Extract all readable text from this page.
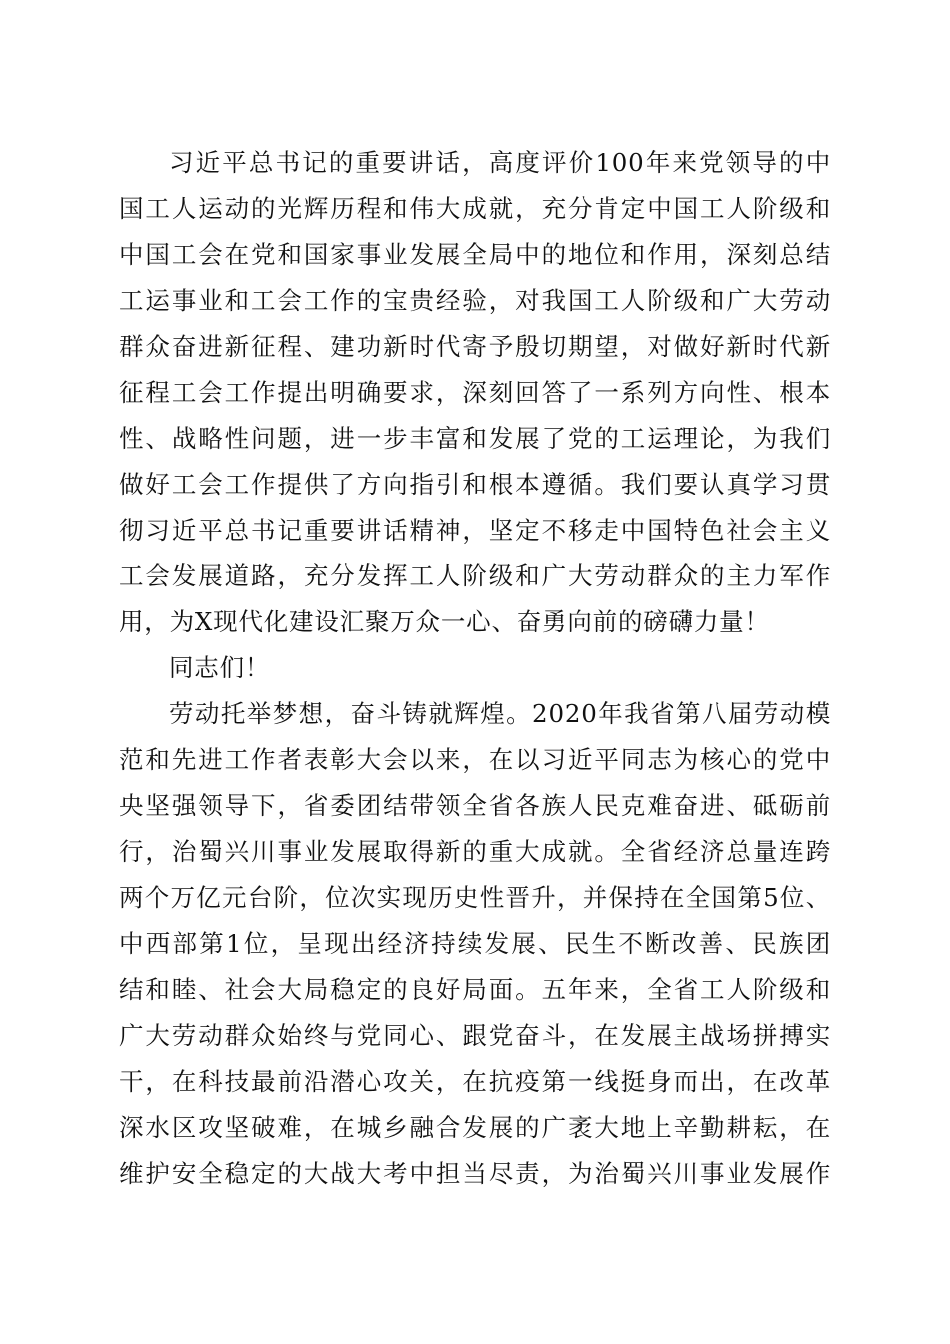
习近平总书记的重要讲话，高度评价100年来党领导的中
国工人运动的光辉历程和伟大成就，充分肯定中国工人阶级和
中国工会在党和国家事业发展全局中的地位和作用，深刻总结
工运事业和工会工作的宝贵经验，对我国工人阶级和广大劳动
群众奋进新征程、建功新时代寄予殷切期望，对做好新时代新
征程工会工作提出明确要求，深刻回答了一系列方向性、根本
性、战略性问题，进一步丰富和发展了党的工运理论，为我们
做好工会工作提供了方向指引和根本遵循。我们要认真学习贯
彻习近平总书记重要讲话精神，坚定不移走中国特色社会主义
工会发展道路，充分发挥工人阶级和广大劳动群众的主力军作
用，为X现代化建设汇聚万众一心、奋勇向前的磅礴力量！
同志们！
劳动托举梦想，奋斗铸就辉煌。2020年我省第八届劳动模
范和先进工作者表彰大会以来，在以习近平同志为核心的党中
央坚强领导下，省委团结带领全省各族人民克难奋进、砥砺前
行，治蜀兴川事业发展取得新的重大成就。全省经济总量连跨
两个万亿元台阶，位次实现历史性晋升，并保持在全国第5位、
中西部第1位，呈现出经济持续发展、民生不断改善、民族团
结和睦、社会大局稳定的良好局面。五年来，全省工人阶级和
广大劳动群众始终与党同心、跟党奋斗，在发展主战场拼搏实
干，在科技最前沿潜心攻关，在抗疫第一线挺身而出，在改革
深水区攻坚破难，在城乡融合发展的广袤大地上辛勤耕耘，在
维护安全稳定的大战大考中担当尽责，为治蜀兴川事业发展作
